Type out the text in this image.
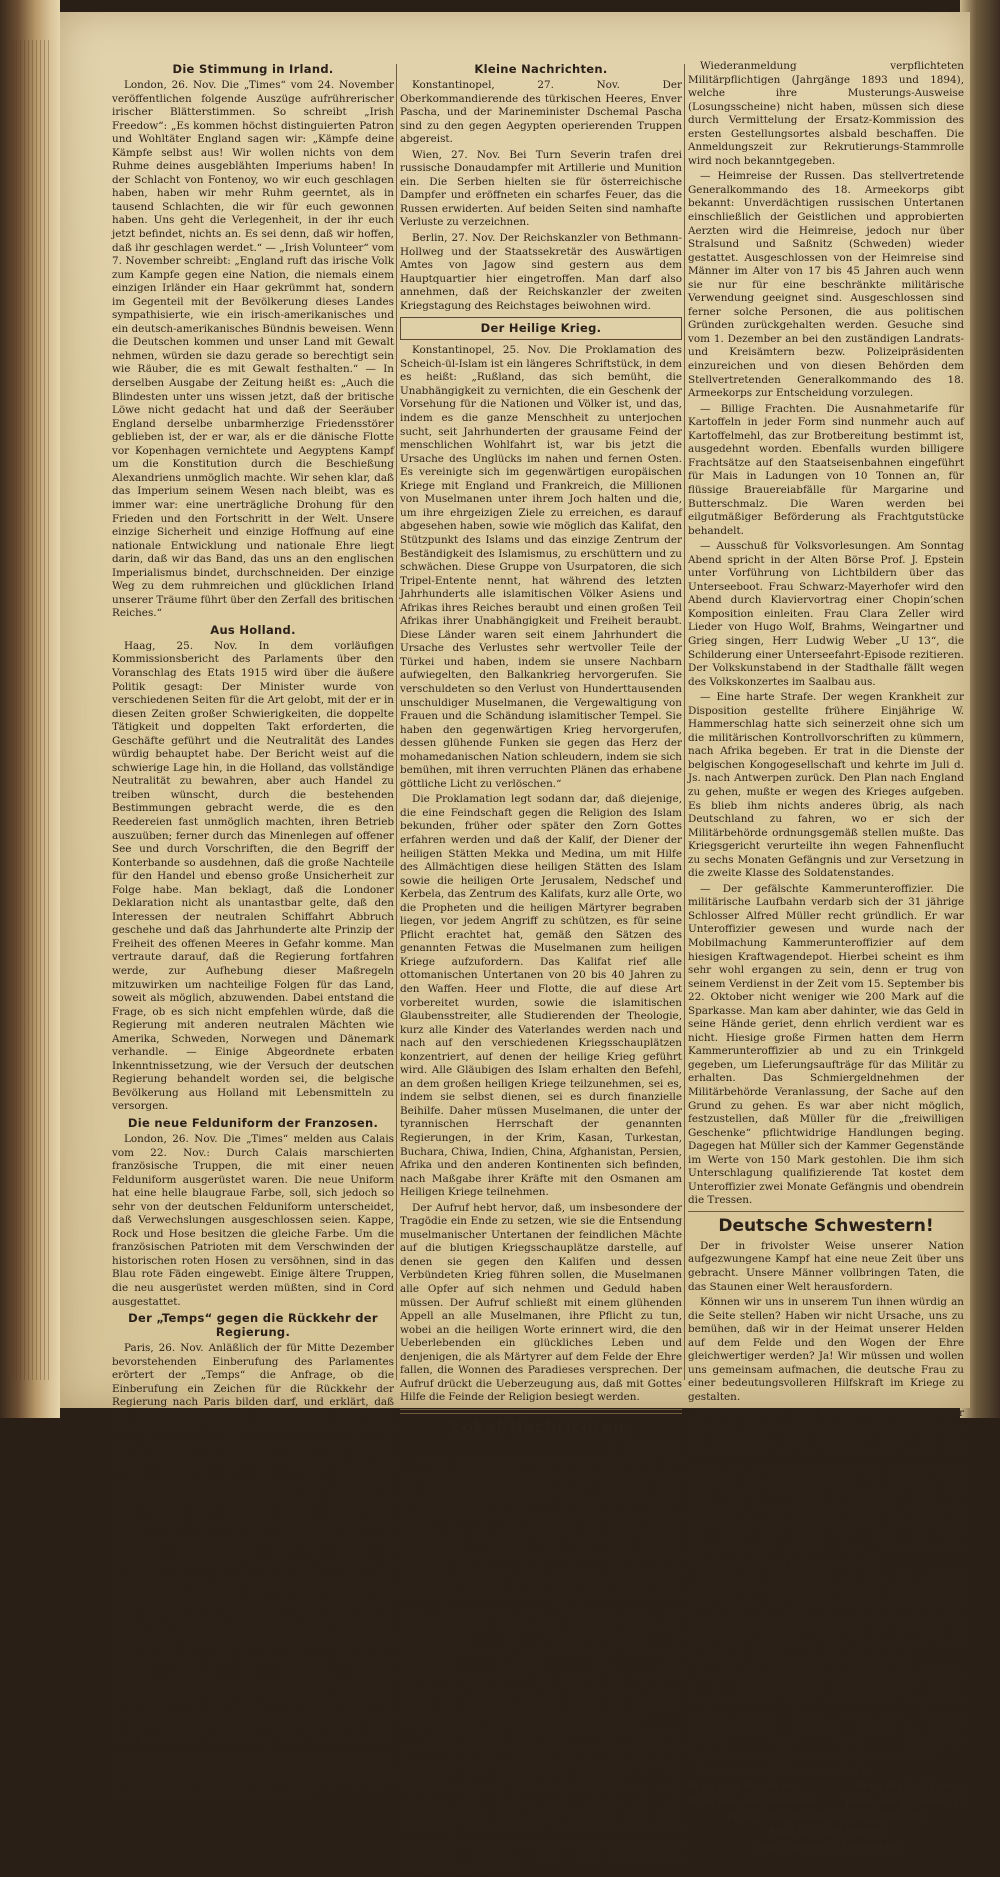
Die Stimmung in Irland.

London, 26. Nov. Die „Times“ vom 24. November veröffentlichen folgende Auszüge aufrührerischer irischer Blätterstimmen. So schreibt „Irish Freedow“: „Es kommen höchst distinguierten Patron und Wohltäter England sagen wir: „Kämpfe deine Kämpfe selbst aus! Wir wollen nichts von dem Ruhme deines ausgeblähten Imperiums haben! In der Schlacht von Fontenoy, wo wir euch geschlagen haben, haben wir mehr Ruhm geerntet, als in tausend Schlachten, die wir für euch gewonnen haben. Uns geht die Verlegenheit, in der ihr euch jetzt befindet, nichts an. Es sei denn, daß wir hoffen, daß ihr geschlagen werdet.“ — „Irish Volunteer“ vom 7. November schreibt: „England ruft das irische Volk zum Kampfe gegen eine Nation, die niemals einem einzigen Irländer ein Haar gekrümmt hat, sondern im Gegenteil mit der Bevölkerung dieses Landes sympathisierte, wie ein irisch-amerikanisches und ein deutsch-amerikanisches Bündnis beweisen. Wenn die Deutschen kommen und unser Land mit Gewalt nehmen, würden sie dazu gerade so berechtigt sein wie Räuber, die es mit Gewalt festhalten.“ — In derselben Ausgabe der Zeitung heißt es: „Auch die Blindesten unter uns wissen jetzt, daß der britische Löwe nicht gedacht hat und daß der Seeräuber England derselbe unbarmherzige Friedensstörer geblieben ist, der er war, als er die dänische Flotte vor Kopenhagen vernichtete und Aegyptens Kampf um die Konstitution durch die Beschießung Alexandriens unmöglich machte. Wir sehen klar, daß das Imperium seinem Wesen nach bleibt, was es immer war: eine unerträgliche Drohung für den Frieden und den Fortschritt in der Welt. Unsere einzige Sicherheit und einzige Hoffnung auf eine nationale Entwicklung und nationale Ehre liegt darin, daß wir das Band, das uns an den englischen Imperialismus bindet, durchschneiden. Der einzige Weg zu dem ruhmreichen und glücklichen Irland unserer Träume führt über den Zerfall des britischen Reiches.“

Aus Holland.

Haag, 25. Nov. In dem vorläufigen Kommissionsbericht des Parlaments über den Voranschlag des Etats 1915 wird über die äußere Politik gesagt: Der Minister wurde von verschiedenen Seiten für die Art gelobt, mit der er in diesen Zeiten großer Schwierigkeiten, die doppelte Tätigkeit und doppelten Takt erforderten, die Geschäfte geführt und die Neutralität des Landes würdig behauptet habe. Der Bericht weist auf die schwierige Lage hin, in die Holland, das vollständige Neutralität zu bewahren, aber auch Handel zu treiben wünscht, durch die bestehenden Bestimmungen gebracht werde, die es den Reedereien fast unmöglich machten, ihren Betrieb auszuüben; ferner durch das Minenlegen auf offener See und durch Vorschriften, die den Begriff der Konterbande so ausdehnen, daß die große Nachteile für den Handel und ebenso große Unsicherheit zur Folge habe. Man beklagt, daß die Londoner Deklaration nicht als unantastbar gelte, daß den Interessen der neutralen Schiffahrt Abbruch geschehe und daß das Jahrhunderte alte Prinzip der Freiheit des offenen Meeres in Gefahr komme. Man vertraute darauf, daß die Regierung fortfahren werde, zur Aufhebung dieser Maßregeln mitzuwirken um nachteilige Folgen für das Land, soweit als möglich, abzuwenden. Dabei entstand die Frage, ob es sich nicht empfehlen würde, daß die Regierung mit anderen neutralen Mächten wie Amerika, Schweden, Norwegen und Dänemark verhandle. — Einige Abgeordnete erbaten Inkenntnissetzung, wie der Versuch der deutschen Regierung behandelt worden sei, die belgische Bevölkerung aus Holland mit Lebensmitteln zu versorgen.

Die neue Felduniform der Franzosen.

London, 26. Nov. Die „Times“ melden aus Calais vom 22. Nov.: Durch Calais marschierten französische Truppen, die mit einer neuen Felduniform ausgerüstet waren. Die neue Uniform hat eine helle blaugraue Farbe, soll, sich jedoch so sehr von der deutschen Felduniform unterscheidet, daß Verwechslungen ausgeschlossen seien. Kappe, Rock und Hose besitzen die gleiche Farbe. Um die französischen Patrioten mit dem Verschwinden der historischen roten Hosen zu versöhnen, sind in das Blau rote Fäden eingewebt. Einige ältere Truppen, die neu ausgerüstet werden müßten, sind in Cord ausgestattet.

Der „Temps“ gegen die Rückkehr der Regierung.

Paris, 26. Nov. Anläßlich der für Mitte Dezember bevorstehenden Einberufung des Parlamentes erörtert der „Temps“ die Anfrage, ob die Einberufung ein Zeichen für die Rückkehr der Regierung nach Paris bilden darf, und erklärt, daß die Bevölkerung der 10 Departements ganz oder teilweise besetzt. Nach der Rückkehr der Regierung nach Paris habe die Hauptstadt wieder ein Ziel für eine noch allzu nahe feindliche Armee sein. Der Tag werde kommen, wo die Feinde genügend zurückgedrängt und damit Paris wieder Hauptstadt werden könne. Inzwischen können die Kammern in Paris tagen. Die Minister, deren Anwesenheit während der Tagung notwendig sei, könnten den Sitzungen beiwohnen und darauf unverzüglich nach Bordeaux zurückkehren. Die in Paris zu erledigenden Aufgaben würden nur kurze Zeit in Anspruch nehmen. Man werde das Parlament um die Genehmigung ersuchen, die Steuern erheben und die Ausgaben bis nächsten Jahres machen zu dürfen. Falls die Regierung Erklärungen abgeben müsse, werde dies nicht in öffentlicher Sitzung geschehen können und sie würden wegen ihres vertraulichen Charakters vor dem Budgetausschuß abgegeben werden müssen. Die Kammern würden voraussichtlich nur abzustimmen haben. Wir können nicht annehmen, sagt das Blatt, daß sie über die vorliegenden Gesetzentwürfe oder Interpellationen in eine öffentliche Debatte eintreten wollen. Paris und Frankreich hoffen, daß sich das Parlament ebenso wie ihm würdig die Stunde erwarten, in der die Regierung in völliger Uebereinstimmung mit den Generalissimus und den verantwortlichen Generalen die Rückkehr für möglich halten wird.

Kleine Nachrichten.

Konstantinopel, 27. Nov. Der Oberkommandierende des türkischen Heeres, Enver Pascha, und der Marineminister Dschemal Pascha sind zu den gegen Aegypten operierenden Truppen abgereist.

Wien, 27. Nov. Bei Turn Severin trafen drei russische Donaudampfer mit Artillerie und Munition ein. Die Serben hielten sie für österreichische Dampfer und eröffneten ein scharfes Feuer, das die Russen erwiderten. Auf beiden Seiten sind namhafte Verluste zu verzeichnen.

Berlin, 27. Nov. Der Reichskanzler von Bethmann-Hollweg und der Staatssekretär des Auswärtigen Amtes von Jagow sind gestern aus dem Hauptquartier hier eingetroffen. Man darf also annehmen, daß der Reichskanzler der zweiten Kriegstagung des Reichstages beiwohnen wird.

Der Heilige Krieg.

Konstantinopel, 25. Nov. Die Proklamation des Scheich-ül-Islam ist ein längeres Schriftstück, in dem es heißt: „Rußland, das sich bemüht, die Unabhängigkeit zu vernichten, die ein Geschenk der Vorsehung für die Nationen und Völker ist, und das, indem es die ganze Menschheit zu unterjochen sucht, seit Jahrhunderten der grausame Feind der menschlichen Wohlfahrt ist, war bis jetzt die Ursache des Unglücks im nahen und fernen Osten. Es vereinigte sich im gegenwärtigen europäischen Kriege mit England und Frankreich, die Millionen von Muselmanen unter ihrem Joch halten und die, um ihre ehrgeizigen Ziele zu erreichen, es darauf abgesehen haben, sowie wie möglich das Kalifat, den Stützpunkt des Islams und das einzige Zentrum der Beständigkeit des Islamismus, zu erschüttern und zu schwächen. Diese Gruppe von Usurpatoren, die sich Tripel-Entente nennt, hat während des letzten Jahrhunderts alle islamitischen Völker Asiens und Afrikas ihres Reiches beraubt und einen großen Teil Afrikas ihrer Unabhängigkeit und Freiheit beraubt. Diese Länder waren seit einem Jahrhundert die Ursache des Verlustes sehr wertvoller Teile der Türkei und haben, indem sie unsere Nachbarn aufwiegelten, den Balkankrieg hervorgerufen. Sie verschuldeten so den Verlust von Hunderttausenden unschuldiger Muselmanen, die Vergewaltigung von Frauen und die Schändung islamitischer Tempel. Sie haben den gegenwärtigen Krieg hervorgerufen, dessen glühende Funken sie gegen das Herz der mohamedanischen Nation schleudern, indem sie sich bemühen, mit ihren verruchten Plänen das erhabene göttliche Licht zu verlöschen.“

Die Proklamation legt sodann dar, daß diejenige, die eine Feindschaft gegen die Religion des Islam bekunden, früher oder später den Zorn Gottes erfahren werden und daß der Kalif, der Diener der heiligen Stätten Mekka und Medina, um mit Hilfe des Allmächtigen diese heiligen Stätten des Islam sowie die heiligen Orte Jerusalem, Nedschef und Kerbela, das Zentrum des Kalifats, kurz alle Orte, wo die Propheten und die heiligen Märtyrer begraben liegen, vor jedem Angriff zu schützen, es für seine Pflicht erachtet hat, gemäß den Sätzen des genannten Fetwas die Muselmanen zum heiligen Kriege aufzufordern. Das Kalifat rief alle ottomanischen Untertanen von 20 bis 40 Jahren zu den Waffen. Heer und Flotte, die auf diese Art vorbereitet wurden, sowie die islamitischen Glaubensstreiter, alle Studierenden der Theologie, kurz alle Kinder des Vaterlandes werden nach und nach auf den verschiedenen Kriegsschauplätzen konzentriert, auf denen der heilige Krieg geführt wird. Alle Gläubigen des Islam erhalten den Befehl, an dem großen heiligen Kriege teilzunehmen, sei es, indem sie selbst dienen, sei es durch finanzielle Beihilfe. Daher müssen Muselmanen, die unter der tyrannischen Herrschaft der genannten Regierungen, in der Krim, Kasan, Turkestan, Buchara, Chiwa, Indien, China, Afghanistan, Persien, Afrika und den anderen Kontinenten sich befinden, nach Maßgabe ihrer Kräfte mit den Osmanen am Heiligen Kriege teilnehmen.

Der Aufruf hebt hervor, daß, um insbesondere der Tragödie ein Ende zu setzen, wie sie die Entsendung muselmanischer Untertanen der feindlichen Mächte auf die blutigen Kriegsschauplätze darstelle, auf denen sie gegen den Kalifen und dessen Verbündeten Krieg führen sollen, die Muselmanen alle Opfer auf sich nehmen und Geduld haben müssen. Der Aufruf schließt mit einem glühenden Appell an alle Muselmanen, ihre Pflicht zu tun, wobei an die heiligen Worte erinnert wird, die den Ueberlebenden ein glückliches Leben und denjenigen, die als Märtyrer auf dem Felde der Ehre fallen, die Wonnen des Paradieses versprechen. Der Aufruf drückt die Ueberzeugung aus, daß mit Gottes Hilfe die Feinde der Religion besiegt werden.

Lokal-Nachrichten.

27. November.

— Die Frankfurter Stadtverordnetenwahlen. Bei außerordentlich mäßiger Beteiligung fanden gestern die Stadtverordnetenwahlen in 17 Bezirken statt. Durchschnittlich übten etwa 20 Prozent der Wähler ihr Wahlrecht aus, gegen 80—90 Prozent in früheren Jahren. Da von allen Parteien ein gegenseitiger Burgfrieden vereinbart war und auch gestern prompt gehalten wurde, hatte man von den üblichen Aufrufen, Umzügen und sonstigen Werbemitteln Abstand genommen. In der Stadt selbst merkte man von dem Wahltage nicht das geringste. Zwei Stunden nach Beendigung des Wahlaktes lag das Gesamtergebnis bereits vor. Gewählt wurden 11 Fortschrittler, 11 Sozialdemokraten, 3 Nationalliberale und 1 Zentrumsmann. Unter den Gewählten befindet sich auch Reichstagsabgeordneter Dr. Quarck, der vor zwei Jahren sein Mandat an die Bürgerlichen verlor. Durch die gestrigen Wahlen bleibt der bisherige Besitzstand der einzelnen Fraktionen gewahrt.

— Anmeldungen zur Rekrutierungs-Stammrolle betr. Die sich hier aufhaltenden jungen Leute, die im kommenden Jahre militärpflichtig werden und nicht innerhalb des Stadtkreises Frankfurt a. M. (einschließlich der eingemeindeten Vororte) 1895 geboren sind, haben sich, sofern sie mit Geburtsscheinen noch nicht versehen sind, diese ungesäumt zu beschaffen. Geburtsscheine werden von den Standesämtern des Geburtsortes kostenfrei ausgestellt. Heimat-, Tauf- oder Impfscheinen genügen nicht. Die vor

Wiederanmeldung verpflichteten Militärpflichtigen (Jahrgänge 1893 und 1894), welche ihre Musterungs-Ausweise (Losungsscheine) nicht haben, müssen sich diese durch Vermittelung der Ersatz-Kommission des ersten Gestellungsortes alsbald beschaffen. Die Anmeldungszeit zur Rekrutierungs-Stammrolle wird noch bekanntgegeben.

— Heimreise der Russen. Das stellvertretende Generalkommando des 18. Armeekorps gibt bekannt: Unverdächtigen russischen Untertanen einschließlich der Geistlichen und approbierten Aerzten wird die Heimreise, jedoch nur über Stralsund und Saßnitz (Schweden) wieder gestattet. Ausgeschlossen von der Heimreise sind Männer im Alter von 17 bis 45 Jahren auch wenn sie nur für eine beschränkte militärische Verwendung geeignet sind. Ausgeschlossen sind ferner solche Personen, die aus politischen Gründen zurückgehalten werden. Gesuche sind vom 1. Dezember an bei den zuständigen Landrats- und Kreisämtern bezw. Polizeipräsidenten einzureichen und von diesen Behörden dem Stellvertretenden Generalkommando des 18. Armeekorps zur Entscheidung vorzulegen.

— Billige Frachten. Die Ausnahmetarife für Kartoffeln in jeder Form sind nunmehr auch auf Kartoffelmehl, das zur Brotbereitung bestimmt ist, ausgedehnt worden. Ebenfalls wurden billigere Frachtsätze auf den Staatseisenbahnen eingeführt für Mais in Ladungen von 10 Tonnen an, für flüssige Brauereiabfälle für Margarine und Butterschmalz. Die Waren werden bei eilgutmäßiger Beförderung als Frachtgutstücke behandelt.

— Ausschuß für Volksvorlesungen. Am Sonntag Abend spricht in der Alten Börse Prof. J. Epstein unter Vorführung von Lichtbildern über das Unterseeboot. Frau Schwarz-Mayerhofer wird den Abend durch Klaviervortrag einer Chopin’schen Komposition einleiten. Frau Clara Zeller wird Lieder von Hugo Wolf, Brahms, Weingartner und Grieg singen, Herr Ludwig Weber „U 13“, die Schilderung einer Unterseefahrt-Episode rezitieren. Der Volkskunstabend in der Stadthalle fällt wegen des Volkskonzertes im Saalbau aus.

— Eine harte Strafe. Der wegen Krankheit zur Disposition gestellte frühere Einjährige W. Hammerschlag hatte sich seinerzeit ohne sich um die militärischen Kontrollvorschriften zu kümmern, nach Afrika begeben. Er trat in die Dienste der belgischen Kongogesellschaft und kehrte im Juli d. Js. nach Antwerpen zurück. Den Plan nach England zu gehen, mußte er wegen des Krieges aufgeben. Es blieb ihm nichts anderes übrig, als nach Deutschland zu fahren, wo er sich der Militärbehörde ordnungsgemäß stellen mußte. Das Kriegsgericht verurteilte ihn wegen Fahnenflucht zu sechs Monaten Gefängnis und zur Versetzung in die zweite Klasse des Soldatenstandes.

— Der gefälschte Kammerunteroffizier. Die militärische Laufbahn verdarb sich der 31 jährige Schlosser Alfred Müller recht gründlich. Er war Unteroffizier gewesen und wurde nach der Mobilmachung Kammerunteroffizier auf dem hiesigen Kraftwagendepot. Hierbei scheint es ihm sehr wohl ergangen zu sein, denn er trug von seinem Verdienst in der Zeit vom 15. September bis 22. Oktober nicht weniger wie 200 Mark auf die Sparkasse. Man kam aber dahinter, wie das Geld in seine Hände geriet, denn ehrlich verdient war es nicht. Hiesige große Firmen hatten dem Herrn Kammerunteroffizier ab und zu ein Trinkgeld gegeben, um Lieferungsaufträge für das Militär zu erhalten. Das Schmiergeldnehmen der Militärbehörde Veranlassung, der Sache auf den Grund zu gehen. Es war aber nicht möglich, festzustellen, daß Müller für die „freiwilligen Geschenke“ pflichtwidrige Handlungen beging. Dagegen hat Müller sich der Kammer Gegenstände im Werte von 150 Mark gestohlen. Die ihm sich Unterschlagung qualifizierende Tat kostet dem Unteroffizier zwei Monate Gefängnis und obendrein die Tressen.

Deutsche Schwestern!

Der in frivolster Weise unserer Nation aufgezwungene Kampf hat eine neue Zeit über uns gebracht. Unsere Männer vollbringen Taten, die das Staunen einer Welt herausfordern.

Können wir uns in unserem Tun ihnen würdig an die Seite stellen? Haben wir nicht Ursache, uns zu bemühen, daß wir in der Heimat unserer Helden auf dem Felde und den Wogen der Ehre gleichwertiger werden? Ja! Wir müssen und wollen uns gemeinsam aufmachen, die deutsche Frau zu einer bedeutungsvolleren Hilfskraft im Kriege zu gestalten.

Können wir auf eure Bereitwilligkeit zu ernster Mitarbeit bei der Organisierung und Ertüchtigung der deutschen Frau rechnen? Wollt ihr uns befunden, daß wir alle uns bereiten sollten, um später auf den uns zukommenden verschiedenen Gebieten des Kriegszustandes, es unseren über alles braven Männern gleichzutun? Daß wir bestimmte von uns bisher unberührt gebliebene Aufgaben als eine freiwillige Dienst fürs Vaterland mit Ernst und Eifer, aber auch mit dem unverrückbaren Gefühl einer übernommenen Pflicht in die Hand nehmen sollten?

Denkt ihr, Schwestern, so wie wir, alsdann bekundet dies heute durch eine Tat, indem ihr uns eine Spende als sichtbaren Wahrheitsgruß für unsere unvergleichlichen Kämpfer zu Lande und zu Wasser zugehen laßt! Ueber die Art der Gabe, ob Geld zur Beschaffung des Notwendigen oder Naturalien, habt ihr selbst zu entscheiden.

Der Bund für freiwilligen Vaterlandsdienst, Berlin W. 9, Potsdamerplatz, Bellevuestraße 21-22, Postscheckkonto Berlin 20 879, hat sich bereit erklärt, unsere Gaben unter dem Vermerk „Weihnachtsgruß deutscher Frauen an unsere Helden“ und auch schriftliche Zustimmungsäußerungen entgegenzunehmen.

Berlin, den 18. November 1914.

Frau von Fischern	Frau Major Framm
Frau von der Groeben	Frau von Kaphengst
Frau Geheime-Kriegsrat Littmann
Frau Dr. Carl Peters
Frau Stabsarzt Rommeler
